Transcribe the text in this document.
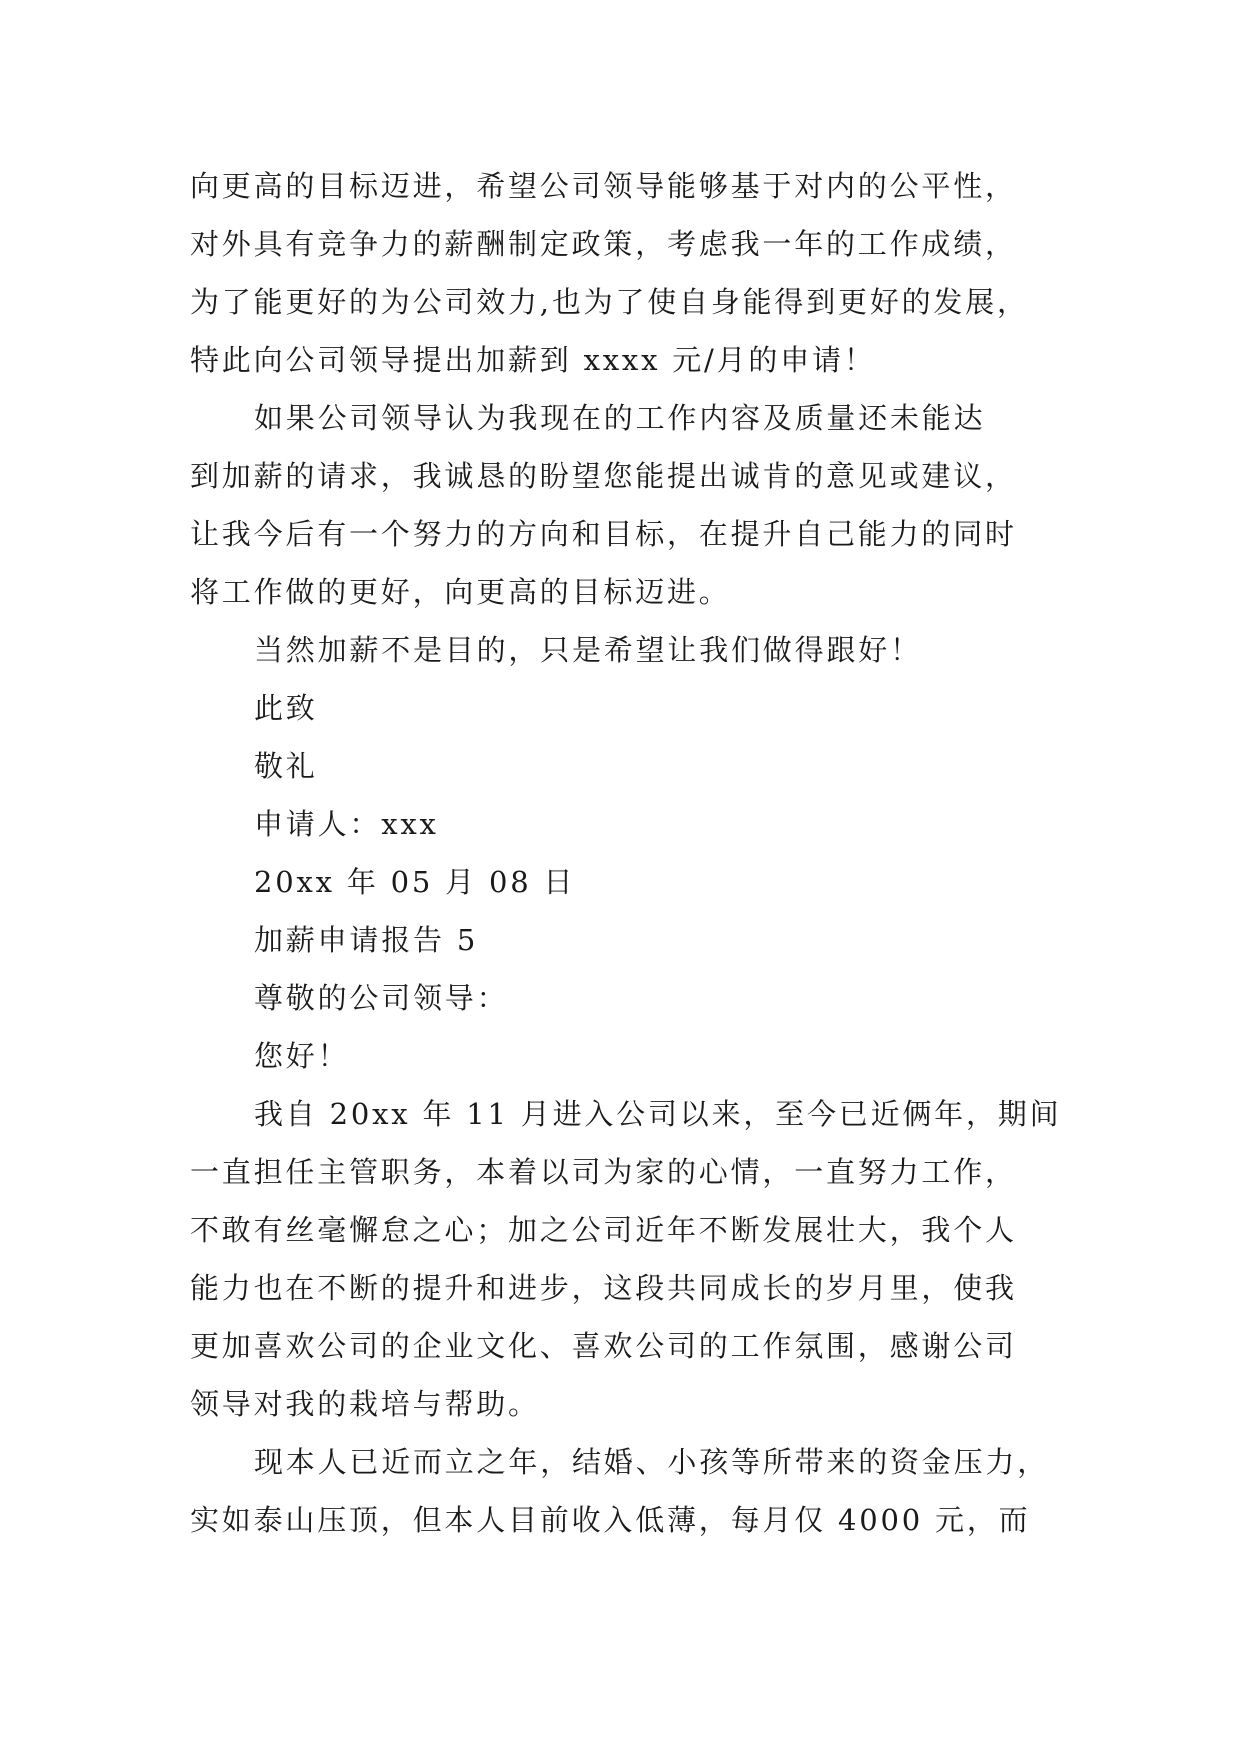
向更高的目标迈进，希望公司领导能够基于对内的公平性，
对外具有竞争力的薪酬制定政策，考虑我一年的工作成绩，
为了能更好的为公司效力,也为了使自身能得到更好的发展，
特此向公司领导提出加薪到 xxxx 元/月的申请！
如果公司领导认为我现在的工作内容及质量还未能达
到加薪的请求，我诚恳的盼望您能提出诚肯的意见或建议，
让我今后有一个努力的方向和目标，在提升自己能力的同时
将工作做的更好，向更高的目标迈进。
当然加薪不是目的，只是希望让我们做得跟好！
此致
敬礼
申请人：xxx
20xx 年 05 月 08 日
加薪申请报告 5
尊敬的公司领导：
您好！
我自 20xx 年 11 月进入公司以来，至今已近俩年，期间
一直担任主管职务，本着以司为家的心情，一直努力工作，
不敢有丝毫懈怠之心；加之公司近年不断发展壮大，我个人
能力也在不断的提升和进步，这段共同成长的岁月里，使我
更加喜欢公司的企业文化、喜欢公司的工作氛围，感谢公司
领导对我的栽培与帮助。
现本人已近而立之年，结婚、小孩等所带来的资金压力，
实如泰山压顶，但本人目前收入低薄，每月仅 4000 元，而
